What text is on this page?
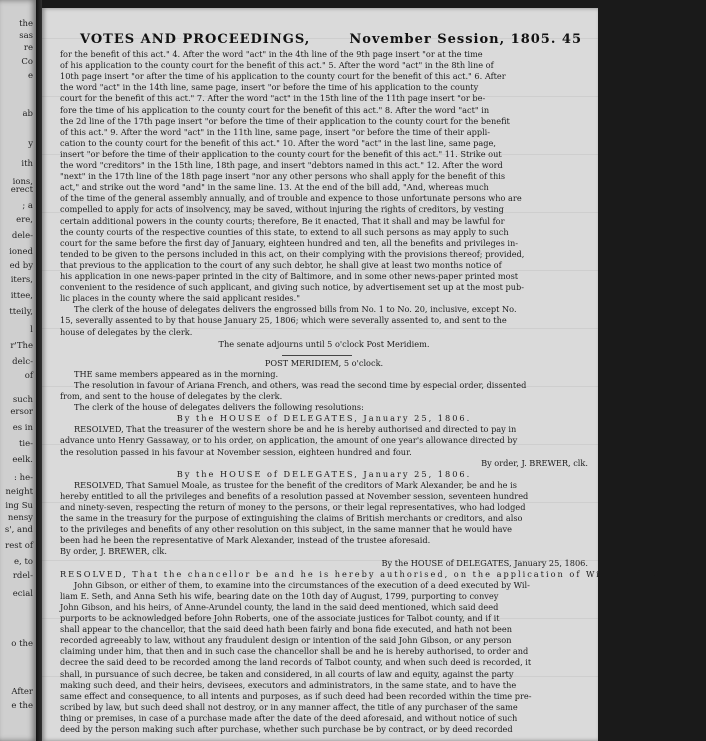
the
sas
re
Co
e
ab
y
ith
ions,
erect
; a
ere,
dele-
ioned
ed by
iters,
ittee,
tteily,
l
r'The
delc-
of
such
ersor
es in
tie-
eelk.
: he-
neight
ing Su
nensy
s', and
rest of
e, to
rdel-
ecial
o the
After
e the
VOTES AND PROCEEDINGS,	November Session, 1805. 45
for the benefit of this act." 4. After the word "act" in the 4th line of the 9th page insert "or at the time
of his application to the county court for the benefit of this act." 5. After the word "act" in the 8th line of
10th page insert "or after the time of his application to the county court for the benefit of this act." 6. After
the word "act" in the 14th line, same page, insert "or before the time of his application to the county
court for the benefit of this act." 7. After the word "act" in the 15th line of the 11th page insert "or be-
fore the time of his application to the county court for the benefit of this act." 8. After the word "act" in
the 2d line of the 17th page insert "or before the time of their application to the county court for the benefit
of this act." 9. After the word "act" in the 11th line, same page, insert "or before the time of their appli-
cation to the county court for the benefit of this act." 10. After the word "act" in the last line, same page,
insert "or before the time of their application to the county court for the benefit of this act." 11. Strike out
the word "creditors" in the 15th line, 18th page, and insert "debtors named in this act." 12. After the word
"next" in the 17th line of the 18th page insert "nor any other persons who shall apply for the benefit of this
act," and strike out the word "and" in the same line. 13. At the end of the bill add, "And, whereas much
of the time of the general assembly annually, and of trouble and expence to those unfortunate persons who are
compelled to apply for acts of insolvency, may be saved, without injuring the rights of creditors, by vesting
certain additional powers in the county courts; therefore, Be it enacted, That it shall and may be lawful for
the county courts of the respective counties of this state, to extend to all such persons as may apply to such
court for the same before the first day of January, eighteen hundred and ten, all the benefits and privileges in-
tended to be given to the persons included in this act, on their complying with the provisions thereof; provided,
that previous to the application to the court of any such debtor, he shall give at least two months notice of
his application in one news-paper printed in the city of Baltimore, and in some other news-paper printed most
convenient to the residence of such applicant, and giving such notice, by advertisement set up at the most pub-
lic places in the county where the said applicant resides."
The clerk of the house of delegates delivers the engrossed bills from No. 1 to No. 20, inclusive, except No.
15, severally assented to by that house January 25, 1806; which were severally assented to, and sent to the
house of delegates by the clerk.
The senate adjourns until 5 o'clock Post Meridiem.
POST MERIDIEM, 5 o'clock.
THE same members appeared as in the morning.
The resolution in favour of Ariana French, and others, was read the second time by especial order, dissented
from, and sent to the house of delegates by the clerk.
The clerk of the house of delegates delivers the following resolutions:
By the HOUSE of DELEGATES, January 25, 1806.
RESOLVED, That the treasurer of the western shore be and he is hereby authorised and directed to pay in
advance unto Henry Gassaway, or to his order, on application, the amount of one year's allowance directed by
the resolution passed in his favour at November session, eighteen hundred and four.
By order, J. BREWER, clk.
By the HOUSE of DELEGATES, January 25, 1806.
RESOLVED, That Samuel Moale, as trustee for the benefit of the creditors of Mark Alexander, be and he is
hereby entitled to all the privileges and benefits of a resolution passed at November session, seventeen hundred
and ninety-seven, respecting the return of money to the persons, or their legal representatives, who had lodged
the same in the treasury for the purpose of extinguishing the claims of British merchants or creditors, and also
to the privileges and benefits of any other resolution on this subject, in the same manner that he would have
been had he been the representative of Mark Alexander, instead of the trustee aforesaid.
By order, J. BREWER, clk.
By the HOUSE of DELEGATES, January 25, 1806.
RESOLVED, That the chancellor be and he is hereby authorised, on the application of William E. Seth and
John Gibson, or either of them, to examine into the circumstances of the execution of a deed executed by Wil-
liam E. Seth, and Anna Seth his wife, bearing date on the 10th day of August, 1799, purporting to convey
John Gibson, and his heirs, of Anne-Arundel county, the land in the said deed mentioned, which said deed
purports to be acknowledged before John Roberts, one of the associate justices for Talbot county, and if it
shall appear to the chancellor, that the said deed hath been fairly and bona fide executed, and hath not been
recorded agreeably to law, without any fraudulent design or intention of the said John Gibson, or any person
claiming under him, that then and in such case the chancellor shall be and he is hereby authorised, to order and
decree the said deed to be recorded among the land records of Talbot county, and when such deed is recorded, it
shall, in pursuance of such decree, be taken and considered, in all courts of law and equity, against the party
making such deed, and their heirs, devisees, executors and administrators, in the same state, and to have the
same effect and consequence, to all intents and purposes, as if such deed had been recorded within the time pre-
scribed by law, but such deed shall not destroy, or in any manner affect, the title of any purchaser of the same
thing or premises, in case of a purchase made after the date of the deed aforesaid, and without notice of such
deed by the person making such after purchase, whether such purchase be by contract, or by deed recorded
